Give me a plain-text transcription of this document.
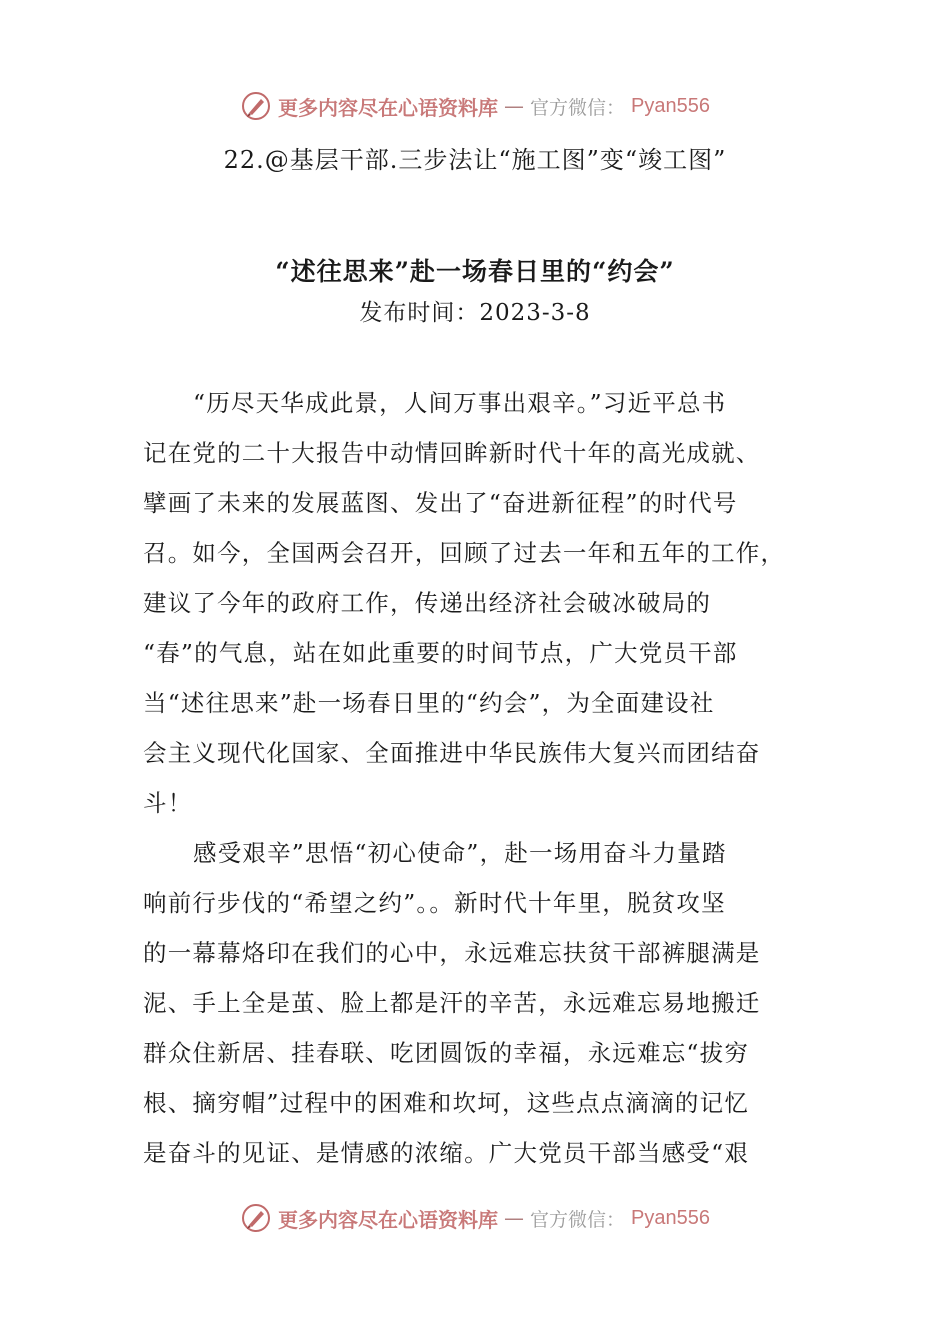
更多内容尽在心语资料库 — 官方微信： Pyan556
22.@基层干部.三步法让“施工图”变“竣工图”
“述往思来”赴一场春日里的“约会”
发布时间：2023-3-8
“历尽天华成此景，人间万事出艰辛。”习近平总书
记在党的二十大报告中动情回眸新时代十年的高光成就、
擘画了未来的发展蓝图、发出了“奋进新征程”的时代号
召。如今，全国两会召开，回顾了过去一年和五年的工作，
建议了今年的政府工作，传递出经济社会破冰破局的
“春”的气息，站在如此重要的时间节点，广大党员干部
当“述往思来”赴一场春日里的“约会”，为全面建设社
会主义现代化国家、全面推进中华民族伟大复兴而团结奋
斗！
感受艰辛”思悟“初心使命”，赴一场用奋斗力量踏
响前行步伐的“希望之约”。。新时代十年里，脱贫攻坚
的一幕幕烙印在我们的心中，永远难忘扶贫干部裤腿满是
泥、手上全是茧、脸上都是汗的辛苦，永远难忘易地搬迁
群众住新居、挂春联、吃团圆饭的幸福，永远难忘“拔穷
根、摘穷帽”过程中的困难和坎坷，这些点点滴滴的记忆
是奋斗的见证、是情感的浓缩。广大党员干部当感受“艰
更多内容尽在心语资料库 — 官方微信： Pyan556
